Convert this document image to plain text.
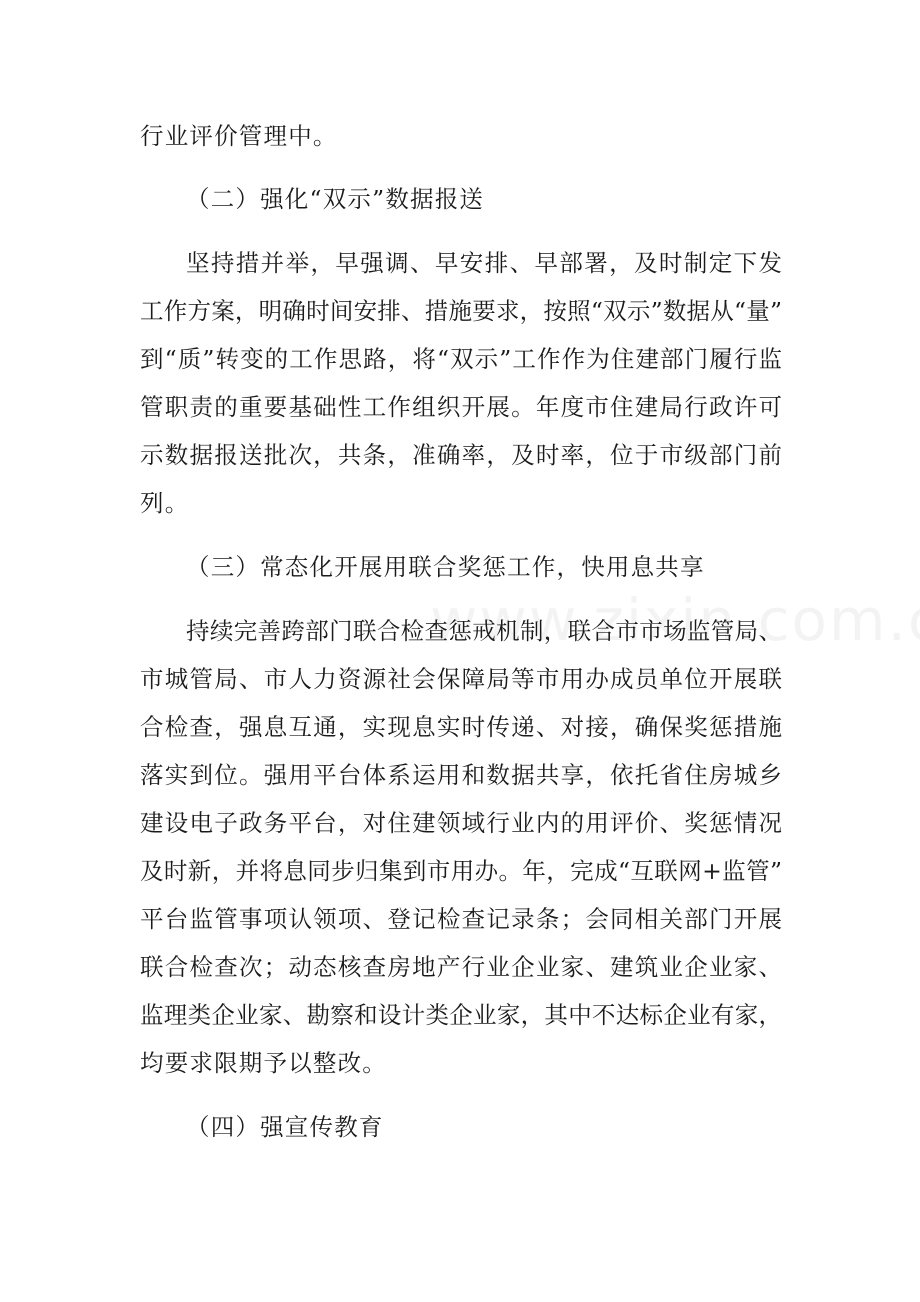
行业评价管理中。
（二）强化“双示”数据报送
坚持措并举，早强调、早安排、早部署，及时制定下发
工作方案，明确时间安排、措施要求，按照“双示”数据从“量”
到“质”转变的工作思路，将“双示”工作作为住建部门履行监
管职责的重要基础性工作组织开展。年度市住建局行政许可
示数据报送批次，共条，准确率，及时率，位于市级部门前
列。
（三）常态化开展用联合奖惩工作，快用息共享
持续完善跨部门联合检查惩戒机制，联合市市场监管局、
市城管局、市人力资源社会保障局等市用办成员单位开展联
合检查，强息互通，实现息实时传递、对接，确保奖惩措施
落实到位。强用平台体系运用和数据共享，依托省住房城乡
建设电子政务平台，对住建领域行业内的用评价、奖惩情况
及时新，并将息同步归集到市用办。年，完成“互联网+监管”
平台监管事项认领项、登记检查记录条；会同相关部门开展
联合检查次；动态核查房地产行业企业家、建筑业企业家、
监理类企业家、勘察和设计类企业家，其中不达标企业有家，
均要求限期予以整改。
（四）强宣传教育
